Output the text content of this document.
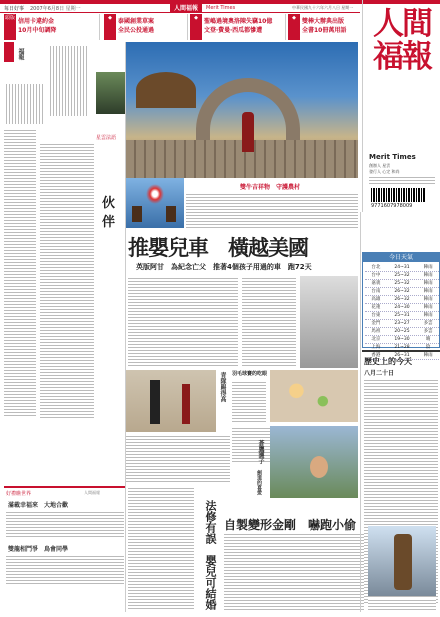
每日好事 2007年6月8日 星期一	人間福報	Merit Times	中華民國九十六年六月八日 星期一
頭版 信用卡違約金
10月中旬調降
◆	泰國創業草案
全民公投通過
◆	聖嶋過境奧洛陳失竊10億
文登‧費曼‧西瓜都慘遭
◆	雙棒大辦典出版
全書10冊萬用語 人間福報
Merit Times
創辦人 星雲
發行人 心定 和尚
9771607978009
今日天氣
台北	24~31	陣雨
台中	25~32	陣雨
嘉義	25~32	陣雨
台南	26~32	陣雨
高雄	26~32	陣雨
花蓮	24~30	陣雨
台東	25~31	陣雨
金門	23~27	多雲
馬祖	20~25	多雲
北京	19~30	晴
上海	21~28	陰
香港	26~31	陣雨
歷史上的今天
八月二十日
福報
星雲法語
伙伴
雙牛吉祥物　守護農村
推嬰兒車　橫越美國
英版阿甘　為紀念亡父　推著4個孩子用過的車　跑72天
青隊踢得高 羽毛球賽的吃眼
蒼鷹護子
劍道的喜愛
好禮瞧世界	人間福報
滿載幸福來　大地合歡
雙龍相鬥爭　鳥會同學	法修有誤　嬰兒可結婚 自製變形金剛　嚇跑小偷
